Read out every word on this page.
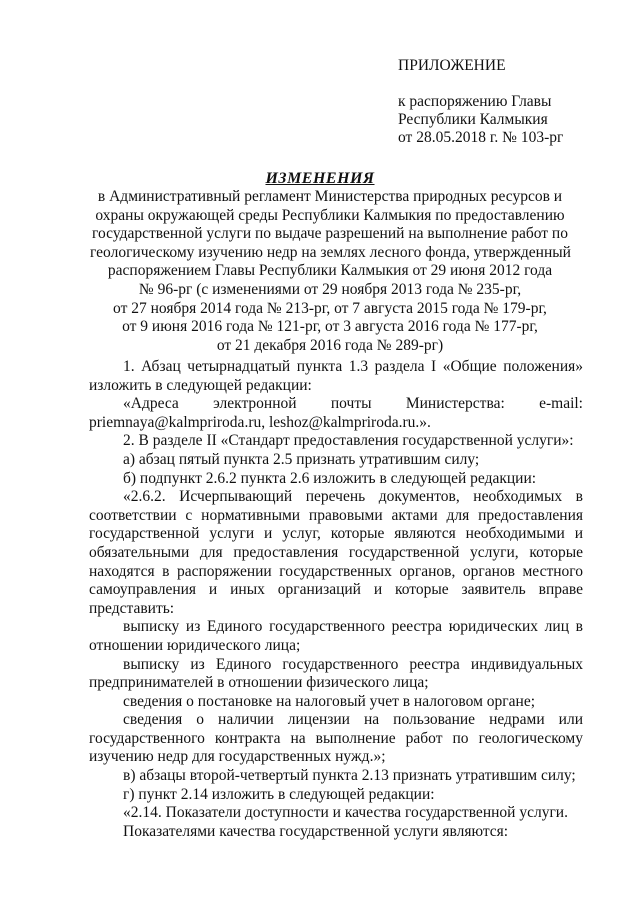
ПРИЛОЖЕНИЕ
к распоряжению Главы
Республики Калмыкия
от 28.05.2018 г. № 103-рг
ИЗМЕНЕНИЯ
в Административный регламент Министерства природных ресурсов и
охраны окружающей среды Республики Калмыкия по предоставлению
государственной услуги по выдаче разрешений на выполнение работ по
геологическому изучению недр на землях лесного фонда, утвержденный
распоряжением Главы Республики Калмыкия от 29 июня 2012 года
№ 96-рг (с изменениями от 29 ноября 2013 года № 235-рг,
от 27 ноября 2014 года № 213-рг, от 7 августа 2015 года № 179-рг,
от 9 июня 2016 года № 121-рг, от 3 августа 2016 года № 177-рг,
от 21 декабря 2016 года № 289-рг)
1. Абзац четырнадцатый пункта 1.3 раздела I «Общие положения»
изложить в следующей редакции:
«Адреса электронной почты Министерства: e-mail:
priemnaya@kalmpriroda.ru, leshoz@kalmpriroda.ru.».
2. В разделе II «Стандарт предоставления государственной услуги»:
а) абзац пятый пункта 2.5 признать утратившим силу;
б) подпункт 2.6.2 пункта 2.6 изложить в следующей редакции:
«2.6.2. Исчерпывающий перечень документов, необходимых в
соответствии с нормативными правовыми актами для предоставления
государственной услуги и услуг, которые являются необходимыми и
обязательными для предоставления государственной услуги, которые
находятся в распоряжении государственных органов, органов местного
самоуправления и иных организаций и которые заявитель вправе
представить:
выписку из Единого государственного реестра юридических лиц в
отношении юридического лица;
выписку из Единого государственного реестра индивидуальных
предпринимателей в отношении физического лица;
сведения о постановке на налоговый учет в налоговом органе;
сведения о наличии лицензии на пользование недрами или
государственного контракта на выполнение работ по геологическому
изучению недр для государственных нужд.»;
в) абзацы второй-четвертый пункта 2.13 признать утратившим силу;
г) пункт 2.14 изложить в следующей редакции:
«2.14. Показатели доступности и качества государственной услуги.
Показателями качества государственной услуги являются:
